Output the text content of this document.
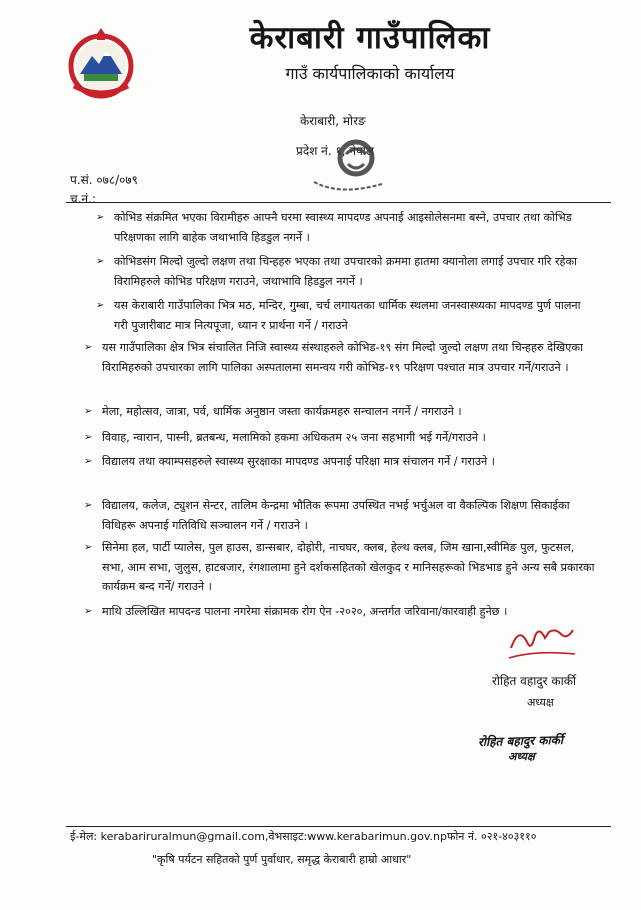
केराबारी गाउँपालिका
गाउँ कार्यपालिकाको कार्यालय
केराबारी, मोरङ
प्रदेश नं. १, नेपाल
प.सं. ०७८/०७९
च.नं.:
➢ कोभिड संक्रमित भएका विरामीहरु आफ्नै घरमा स्वास्थ्य मापदण्ड अपनाई आइसोलेसनमा बस्ने, उपचार तथा कोभिड परिक्षणका लागि बाहेक जथाभावि हिडडुल नगर्ने ।
➢ कोभिडसंग मिल्दो जुल्दो लक्षण तथा चिन्हहरु भएका तथा उपचारको क्रममा हातमा क्यानोला लगाई उपचार गरि रहेका विरामिहरुले कोभिड परिक्षण गराउने, जथाभावि हिडडुल नगर्ने ।
➢ यस केराबारी गाउँपालिका भित्र मठ, मन्दिर, गुम्बा, चर्च लगायतका धार्मिक स्थलमा जनस्वास्थ्यका मापदण्ड पुर्ण पालना गरी पुजारीबाट मात्र नित्यपूजा, ध्यान र प्रार्थना गर्ने / गराउने
➢ यस गाउँपालिका क्षेत्र भित्र संचालित निजि स्वास्थ्य संस्थाहरुले कोभिड-१९ संग मिल्दो जुल्दो लक्षण तथा चिन्हहरु देखिएका विरामिहरुको उपचारका लागि पालिका अस्पतालमा समन्वय गरी कोभिड-१९ परिक्षण पश्चात मात्र उपचार गर्ने/गराउने ।
➢ मेला, महोत्सव, जात्रा, पर्व, धार्मिक अनुष्ठान जस्ता कार्यक्रमहरु सन्चालन नगर्ने / नगराउने ।
➢ विवाह, न्वारान, पास्नी, ब्रतबन्ध, मलामिको हकमा अधिकतम २५ जना सहभागी भई गर्ने/गराउने ।
➢ विद्यालय तथा क्याम्पसहरुले स्वास्थ्य सुरक्षाका मापदण्ड अपनाई परिक्षा मात्र संचालन गर्ने / गराउने ।
➢ विद्यालय, कलेज, ट्युशन सेन्टर, तालिम केन्द्रमा भौतिक रूपमा उपस्थित नभई भर्चुअल वा वैकल्पिक शिक्षण सिकाईका विधिहरू अपनाई गतिविधि सञ्चालन गर्ने / गराउने ।
➢ सिनेमा हल, पार्टी प्यालेस, पुल हाउस, डान्सबार, दोहोरी, नाचघर, क्लब, हेल्थ क्लब, जिम खाना,स्वीमिङ पुल, फुटसल, सभा, आम सभा, जुलुस, हाटबजार, रंगशालामा हुने दर्शकसहितको खेलकुद र मानिसहरूको भिडभाड हुने अन्य सबै प्रकारका कार्यक्रम बन्द गर्ने/ गराउने ।
➢ माथि उल्लिखित मापदन्ड पालना नगरेमा संक्रामक रोग ऐन -२०२०, अन्तर्गत जरिवाना/कारवाही हुनेछ ।
रोहित वहादुर कार्की
अध्यक्ष
रोहित बहादुर कार्की
अध्यक्ष
ई-मेल: kerabariruralmun@gmail.com,वेभसाइट:www.kerabarimun.gov.npफोन नं. ०२१-४०३११०
"कृषि पर्यटन सहितको पुर्ण पुर्वाधार, समृद्ध केराबारी हाम्रो आधार"
